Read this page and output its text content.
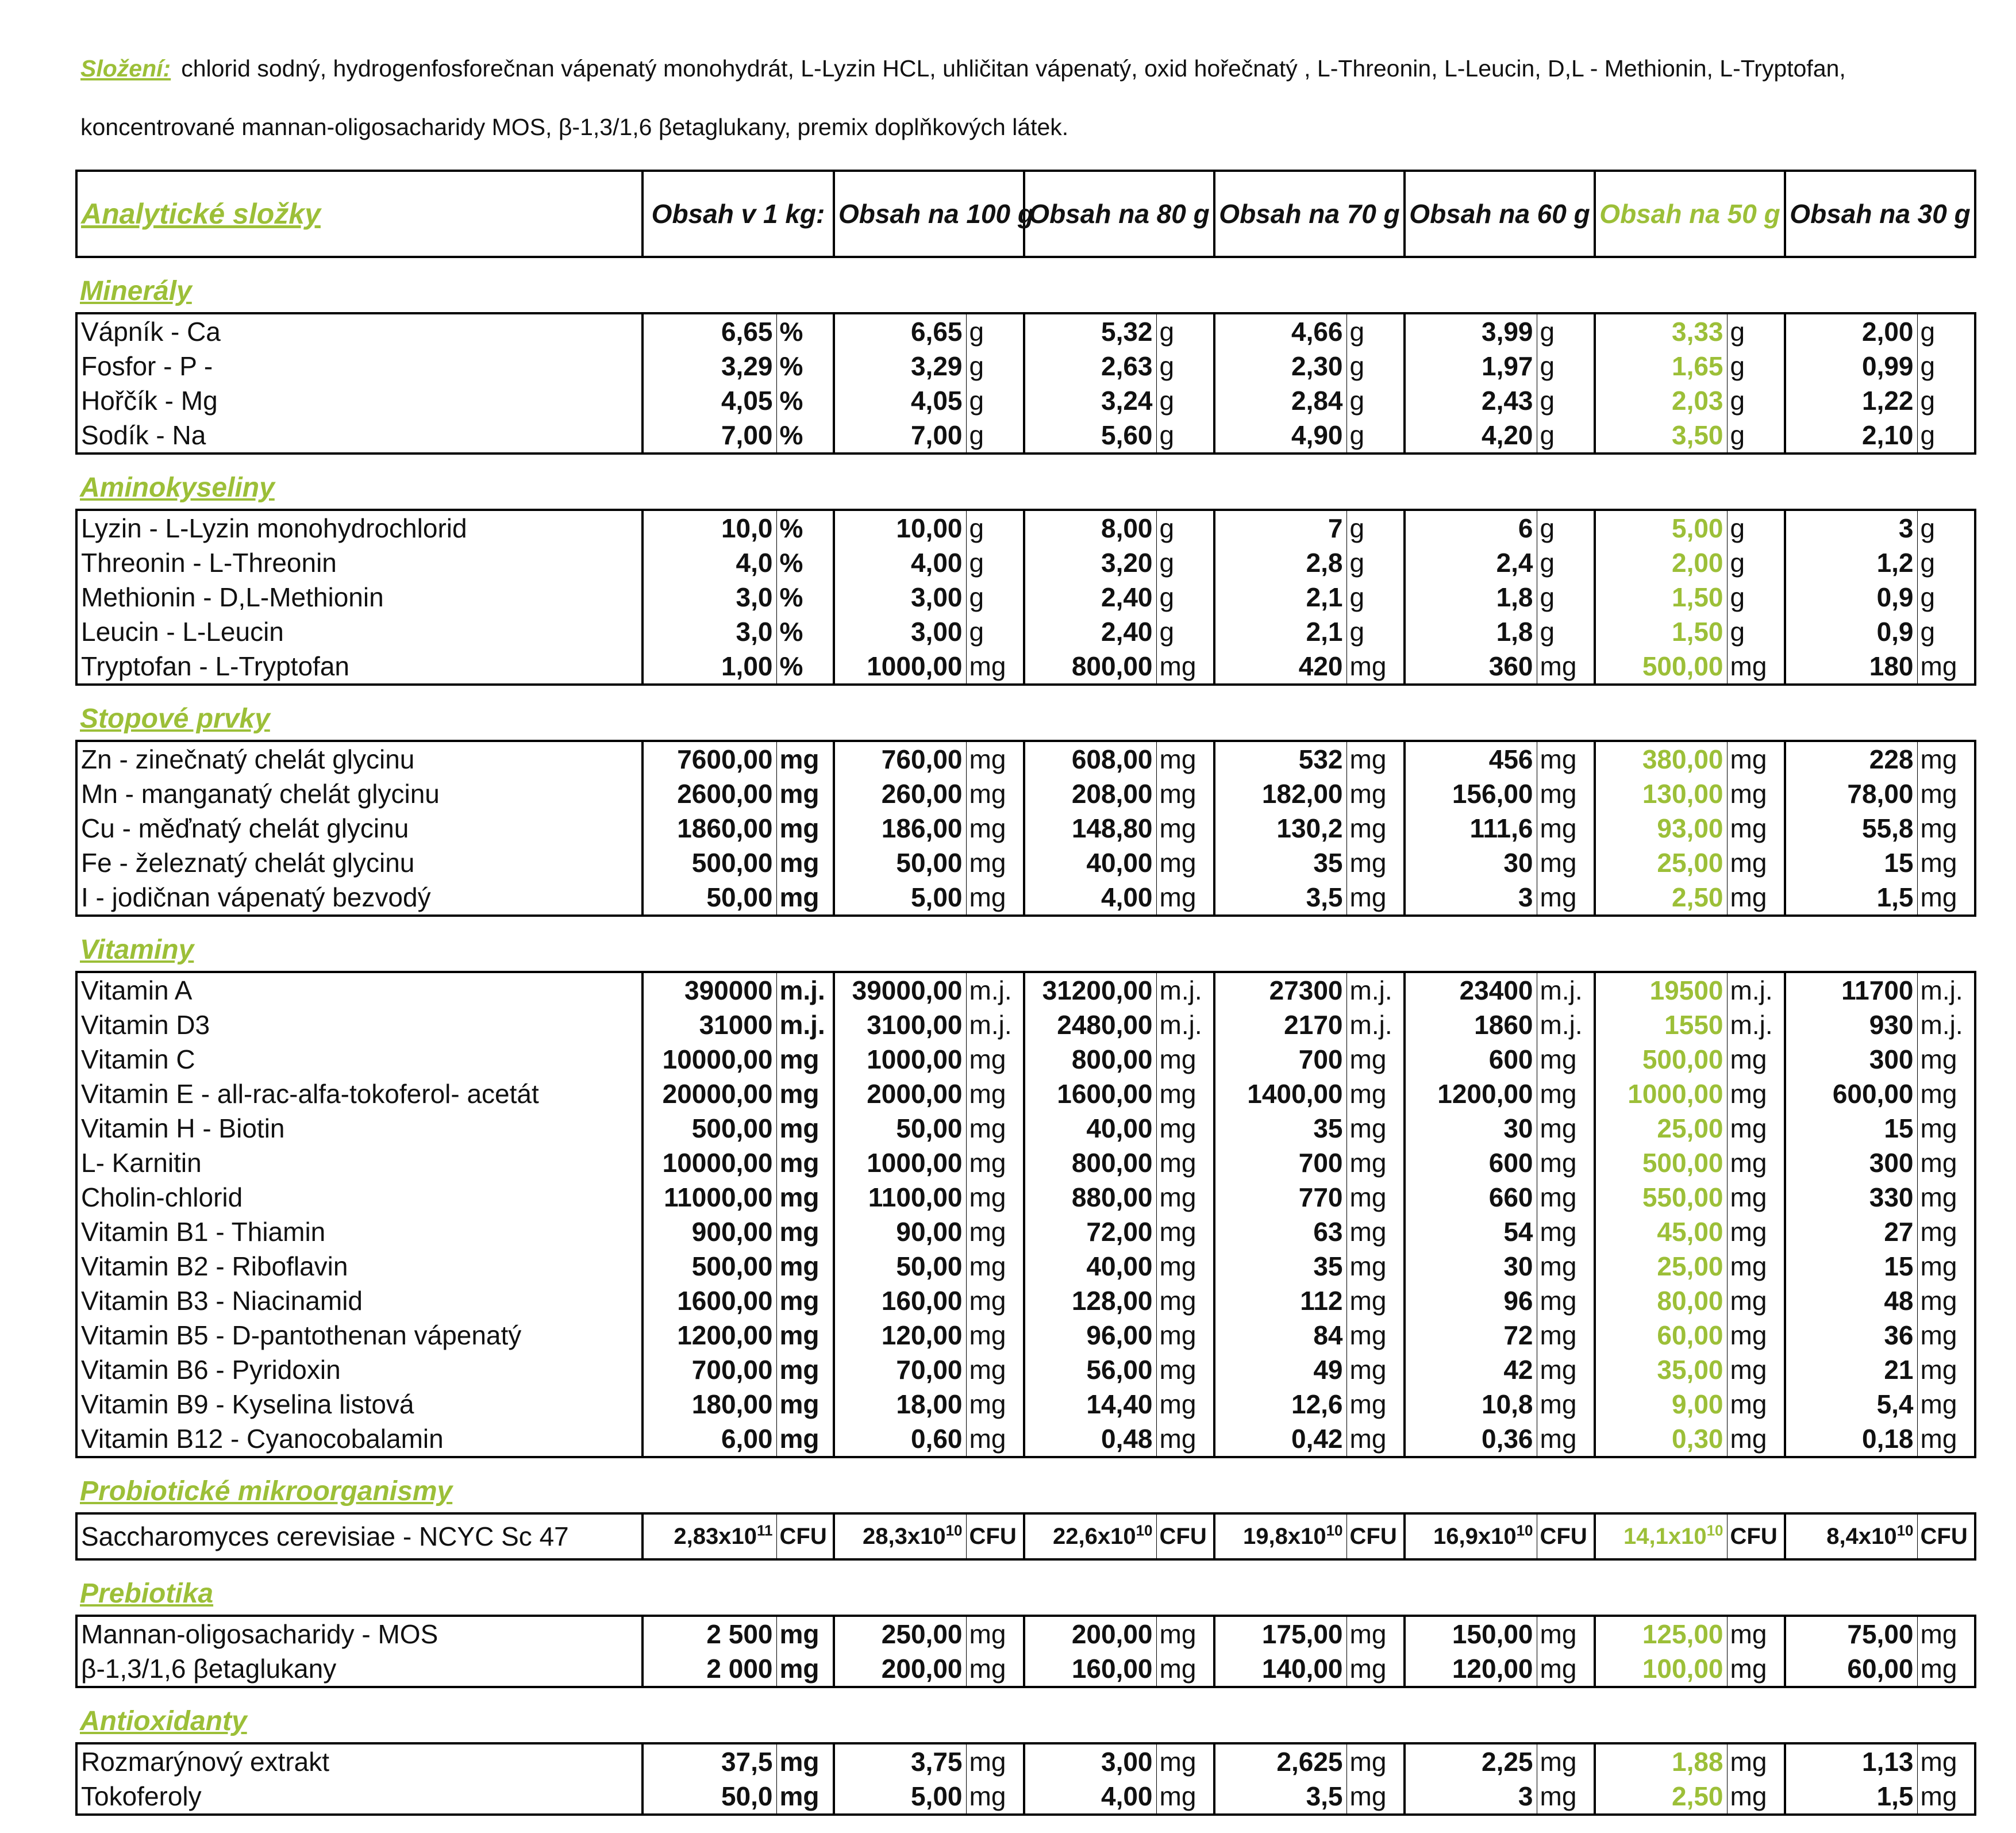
Složení: chlorid sodný, hydrogenfosforečnan vápenatý monohydrát, L-Lyzin HCL, uhličitan vápenatý, oxid hořečnatý , L-Threonin, L-Leucin, D,L - Methionin, L-Tryptofan, koncentrované mannan-oligosacharidy MOS, β-1,3/1,6 βetaglukany, premix doplňkových látek.

Analytické složky	Obsah v 1 kg:		Obsah na 100 g		Obsah na 80 g		Obsah na 70 g		Obsah na 60 g		Obsah na 50 g		Obsah na 30 g	
Minerály														
Vápník - Ca	6,65	%	6,65	g	5,32	g	4,66	g	3,99	g	3,33	g	2,00	g
Fosfor - P -	3,29	%	3,29	g	2,63	g	2,30	g	1,97	g	1,65	g	0,99	g
Hořčík - Mg	4,05	%	4,05	g	3,24	g	2,84	g	2,43	g	2,03	g	1,22	g
Sodík - Na	7,00	%	7,00	g	5,60	g	4,90	g	4,20	g	3,50	g	2,10	g
Aminokyseliny														
Lyzin - L-Lyzin monohydrochlorid	10,0	%	10,00	g	8,00	g	7	g	6	g	5,00	g	3	g
Threonin - L-Threonin	4,0	%	4,00	g	3,20	g	2,8	g	2,4	g	2,00	g	1,2	g
Methionin - D,L-Methionin	3,0	%	3,00	g	2,40	g	2,1	g	1,8	g	1,50	g	0,9	g
Leucin - L-Leucin	3,0	%	3,00	g	2,40	g	2,1	g	1,8	g	1,50	g	0,9	g
Tryptofan - L-Tryptofan	1,00	%	1000,00	mg	800,00	mg	420	mg	360	mg	500,00	mg	180	mg
Stopové prvky														
Zn - zinečnatý chelát glycinu	7600,00	mg	760,00	mg	608,00	mg	532	mg	456	mg	380,00	mg	228	mg
Mn - manganatý chelát glycinu	2600,00	mg	260,00	mg	208,00	mg	182,00	mg	156,00	mg	130,00	mg	78,00	mg
Cu - měďnatý chelát glycinu	1860,00	mg	186,00	mg	148,80	mg	130,2	mg	111,6	mg	93,00	mg	55,8	mg
Fe - železnatý chelát glycinu	500,00	mg	50,00	mg	40,00	mg	35	mg	30	mg	25,00	mg	15	mg
I - jodičnan vápenatý bezvodý	50,00	mg	5,00	mg	4,00	mg	3,5	mg	3	mg	2,50	mg	1,5	mg
Vitaminy														
Vitamin A	390000	m.j.	39000,00	m.j.	31200,00	m.j.	27300	m.j.	23400	m.j.	19500	m.j.	11700	m.j.
Vitamin D3	31000	m.j.	3100,00	m.j.	2480,00	m.j.	2170	m.j.	1860	m.j.	1550	m.j.	930	m.j.
Vitamin C	10000,00	mg	1000,00	mg	800,00	mg	700	mg	600	mg	500,00	mg	300	mg
Vitamin E - all-rac-alfa-tokoferol- acetát	20000,00	mg	2000,00	mg	1600,00	mg	1400,00	mg	1200,00	mg	1000,00	mg	600,00	mg
Vitamin H - Biotin	500,00	mg	50,00	mg	40,00	mg	35	mg	30	mg	25,00	mg	15	mg
L- Karnitin	10000,00	mg	1000,00	mg	800,00	mg	700	mg	600	mg	500,00	mg	300	mg
Cholin-chlorid	11000,00	mg	1100,00	mg	880,00	mg	770	mg	660	mg	550,00	mg	330	mg
Vitamin B1 - Thiamin	900,00	mg	90,00	mg	72,00	mg	63	mg	54	mg	45,00	mg	27	mg
Vitamin B2 - Riboflavin	500,00	mg	50,00	mg	40,00	mg	35	mg	30	mg	25,00	mg	15	mg
Vitamin B3 - Niacinamid	1600,00	mg	160,00	mg	128,00	mg	112	mg	96	mg	80,00	mg	48	mg
Vitamin B5 - D-pantothenan vápenatý	1200,00	mg	120,00	mg	96,00	mg	84	mg	72	mg	60,00	mg	36	mg
Vitamin B6 - Pyridoxin	700,00	mg	70,00	mg	56,00	mg	49	mg	42	mg	35,00	mg	21	mg
Vitamin B9 - Kyselina listová	180,00	mg	18,00	mg	14,40	mg	12,6	mg	10,8	mg	9,00	mg	5,4	mg
Vitamin B12 - Cyanocobalamin	6,00	mg	0,60	mg	0,48	mg	0,42	mg	0,36	mg	0,30	mg	0,18	mg
Probiotické mikroorganismy														
Saccharomyces cerevisiae - NCYC Sc 47	$2,83x10^{11}$	CFU	$28,3x10^{10}$	CFU	$22,6x10^{10}$	CFU	$19,8x10^{10}$	CFU	$16,9x10^{10}$	CFU	$14,1x10^{10}$	CFU	$8,4x10^{10}$	CFU
Prebiotika														
Mannan-oligosacharidy - MOS	2 500	mg	250,00	mg	200,00	mg	175,00	mg	150,00	mg	125,00	mg	75,00	mg
β-1,3/1,6 βetaglukany	2 000	mg	200,00	mg	160,00	mg	140,00	mg	120,00	mg	100,00	mg	60,00	mg
Antioxidanty														
Rozmarýnový extrakt	37,5	mg	3,75	mg	3,00	mg	2,625	mg	2,25	mg	1,88	mg	1,13	mg
Tokoferoly	50,0	mg	5,00	mg	4,00	mg	3,5	mg	3	mg	2,50	mg	1,5	mg
